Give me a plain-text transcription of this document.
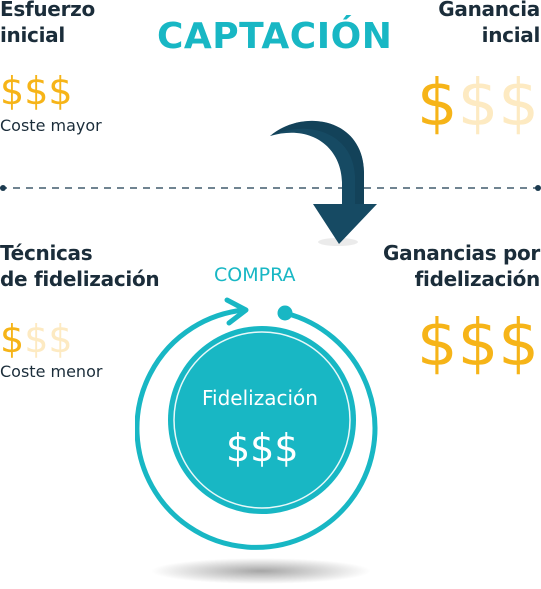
CAPTACIÓN
Esfuerzo
inicial
$$$
Coste mayor
Ganancia
incial
$$$
Técnicas
de fidelización
$$$
Coste menor
Ganancias por
fidelización
$$$
COMPRA
Fidelización
$$$
